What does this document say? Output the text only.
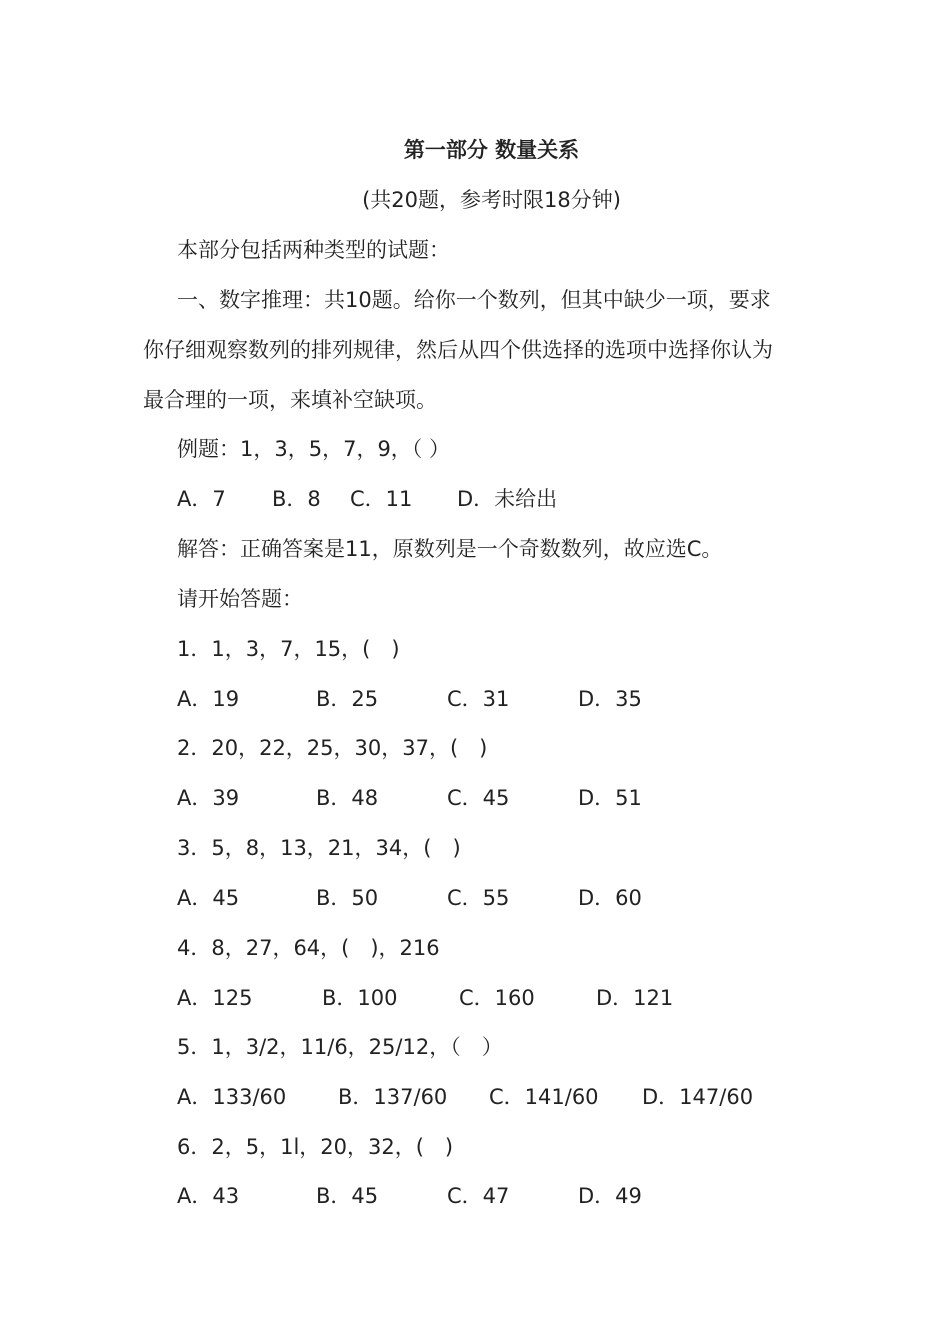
第一部分 数量关系
(共20题，参考时限18分钟)
本部分包括两种类型的试题：
一、数字推理：共10题。给你一个数列，但其中缺少一项，要求
你仔细观察数列的排列规律，然后从四个供选择的选项中选择你认为
最合理的一项，来填补空缺项。
例题：1，3，5，7，9，（ ）
A．7 B．8 C．11 D．未给出
解答：正确答案是11，原数列是一个奇数数列，故应选C。
请开始答题：
1．1，3，7，15，(　)
A．19	B．25	C．31	D．35
2．20，22，25，30，37，(　)
A．39	B．48	C．45	D．51
3．5，8，13，21，34，(　)
A．45	B．50	C．55	D．60
4．8，27，64，(　)，216
A．125	B．100	C．160	D．121
5．1，3/2，11/6，25/12，（　）
A．133/60 B．137/60 C．141/60 D．147/60
6．2，5，1l，20，32，(　)
A．43	B．45	C．47	D．49
